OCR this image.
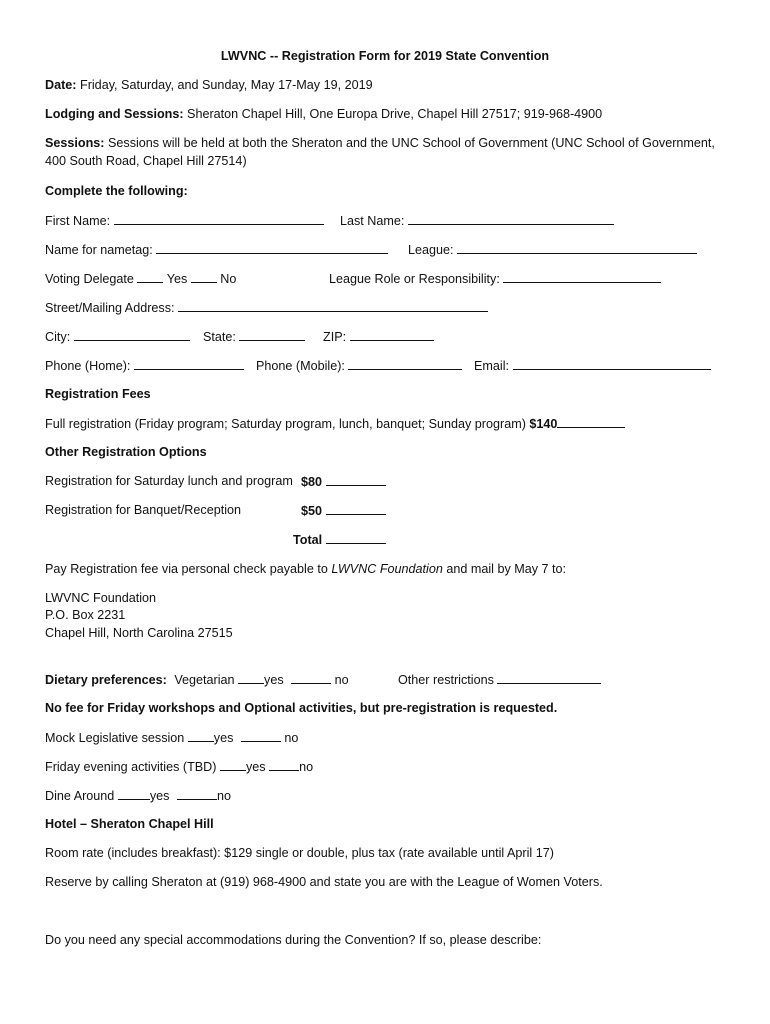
LWVNC -- Registration Form for 2019 State Convention
Date: Friday, Saturday, and Sunday, May 17-May 19, 2019
Lodging and Sessions: Sheraton Chapel Hill, One Europa Drive, Chapel Hill 27517; 919-968-4900
Sessions: Sessions will be held at both the Sheraton and the UNC School of Government (UNC School of Government,
400 South Road, Chapel Hill 27514)
Complete the following:
First Name:	Last Name:
Name for nametag:	League:
Voting Delegate	Yes	No	League Role or Responsibility:
Street/Mailing Address:
City:	State:	ZIP:
Phone (Home):	Phone (Mobile):	Email:
Registration Fees
Full registration (Friday program; Saturday program, lunch, banquet; Sunday program) $140
Other Registration Options
Registration for Saturday lunch and program $80
Registration for Banquet/Reception	$50
Total
Pay Registration fee via personal check payable to LWVNC Foundation and mail by May 7 to:
LWVNC Foundation
P.O. Box 2231
Chapel Hill, North Carolina 27515
Dietary preferences: Vegetarian yes	no	Other restrictions
No fee for Friday workshops and Optional activities, but pre-registration is requested.
Mock Legislative session yes	no
Friday evening activities (TBD) yes	no
Dine Around	yes	no
Hotel – Sheraton Chapel Hill
Room rate (includes breakfast): $129 single or double, plus tax (rate available until April 17)
Reserve by calling Sheraton at (919) 968-4900 and state you are with the League of Women Voters.
Do you need any special accommodations during the Convention? If so, please describe:
